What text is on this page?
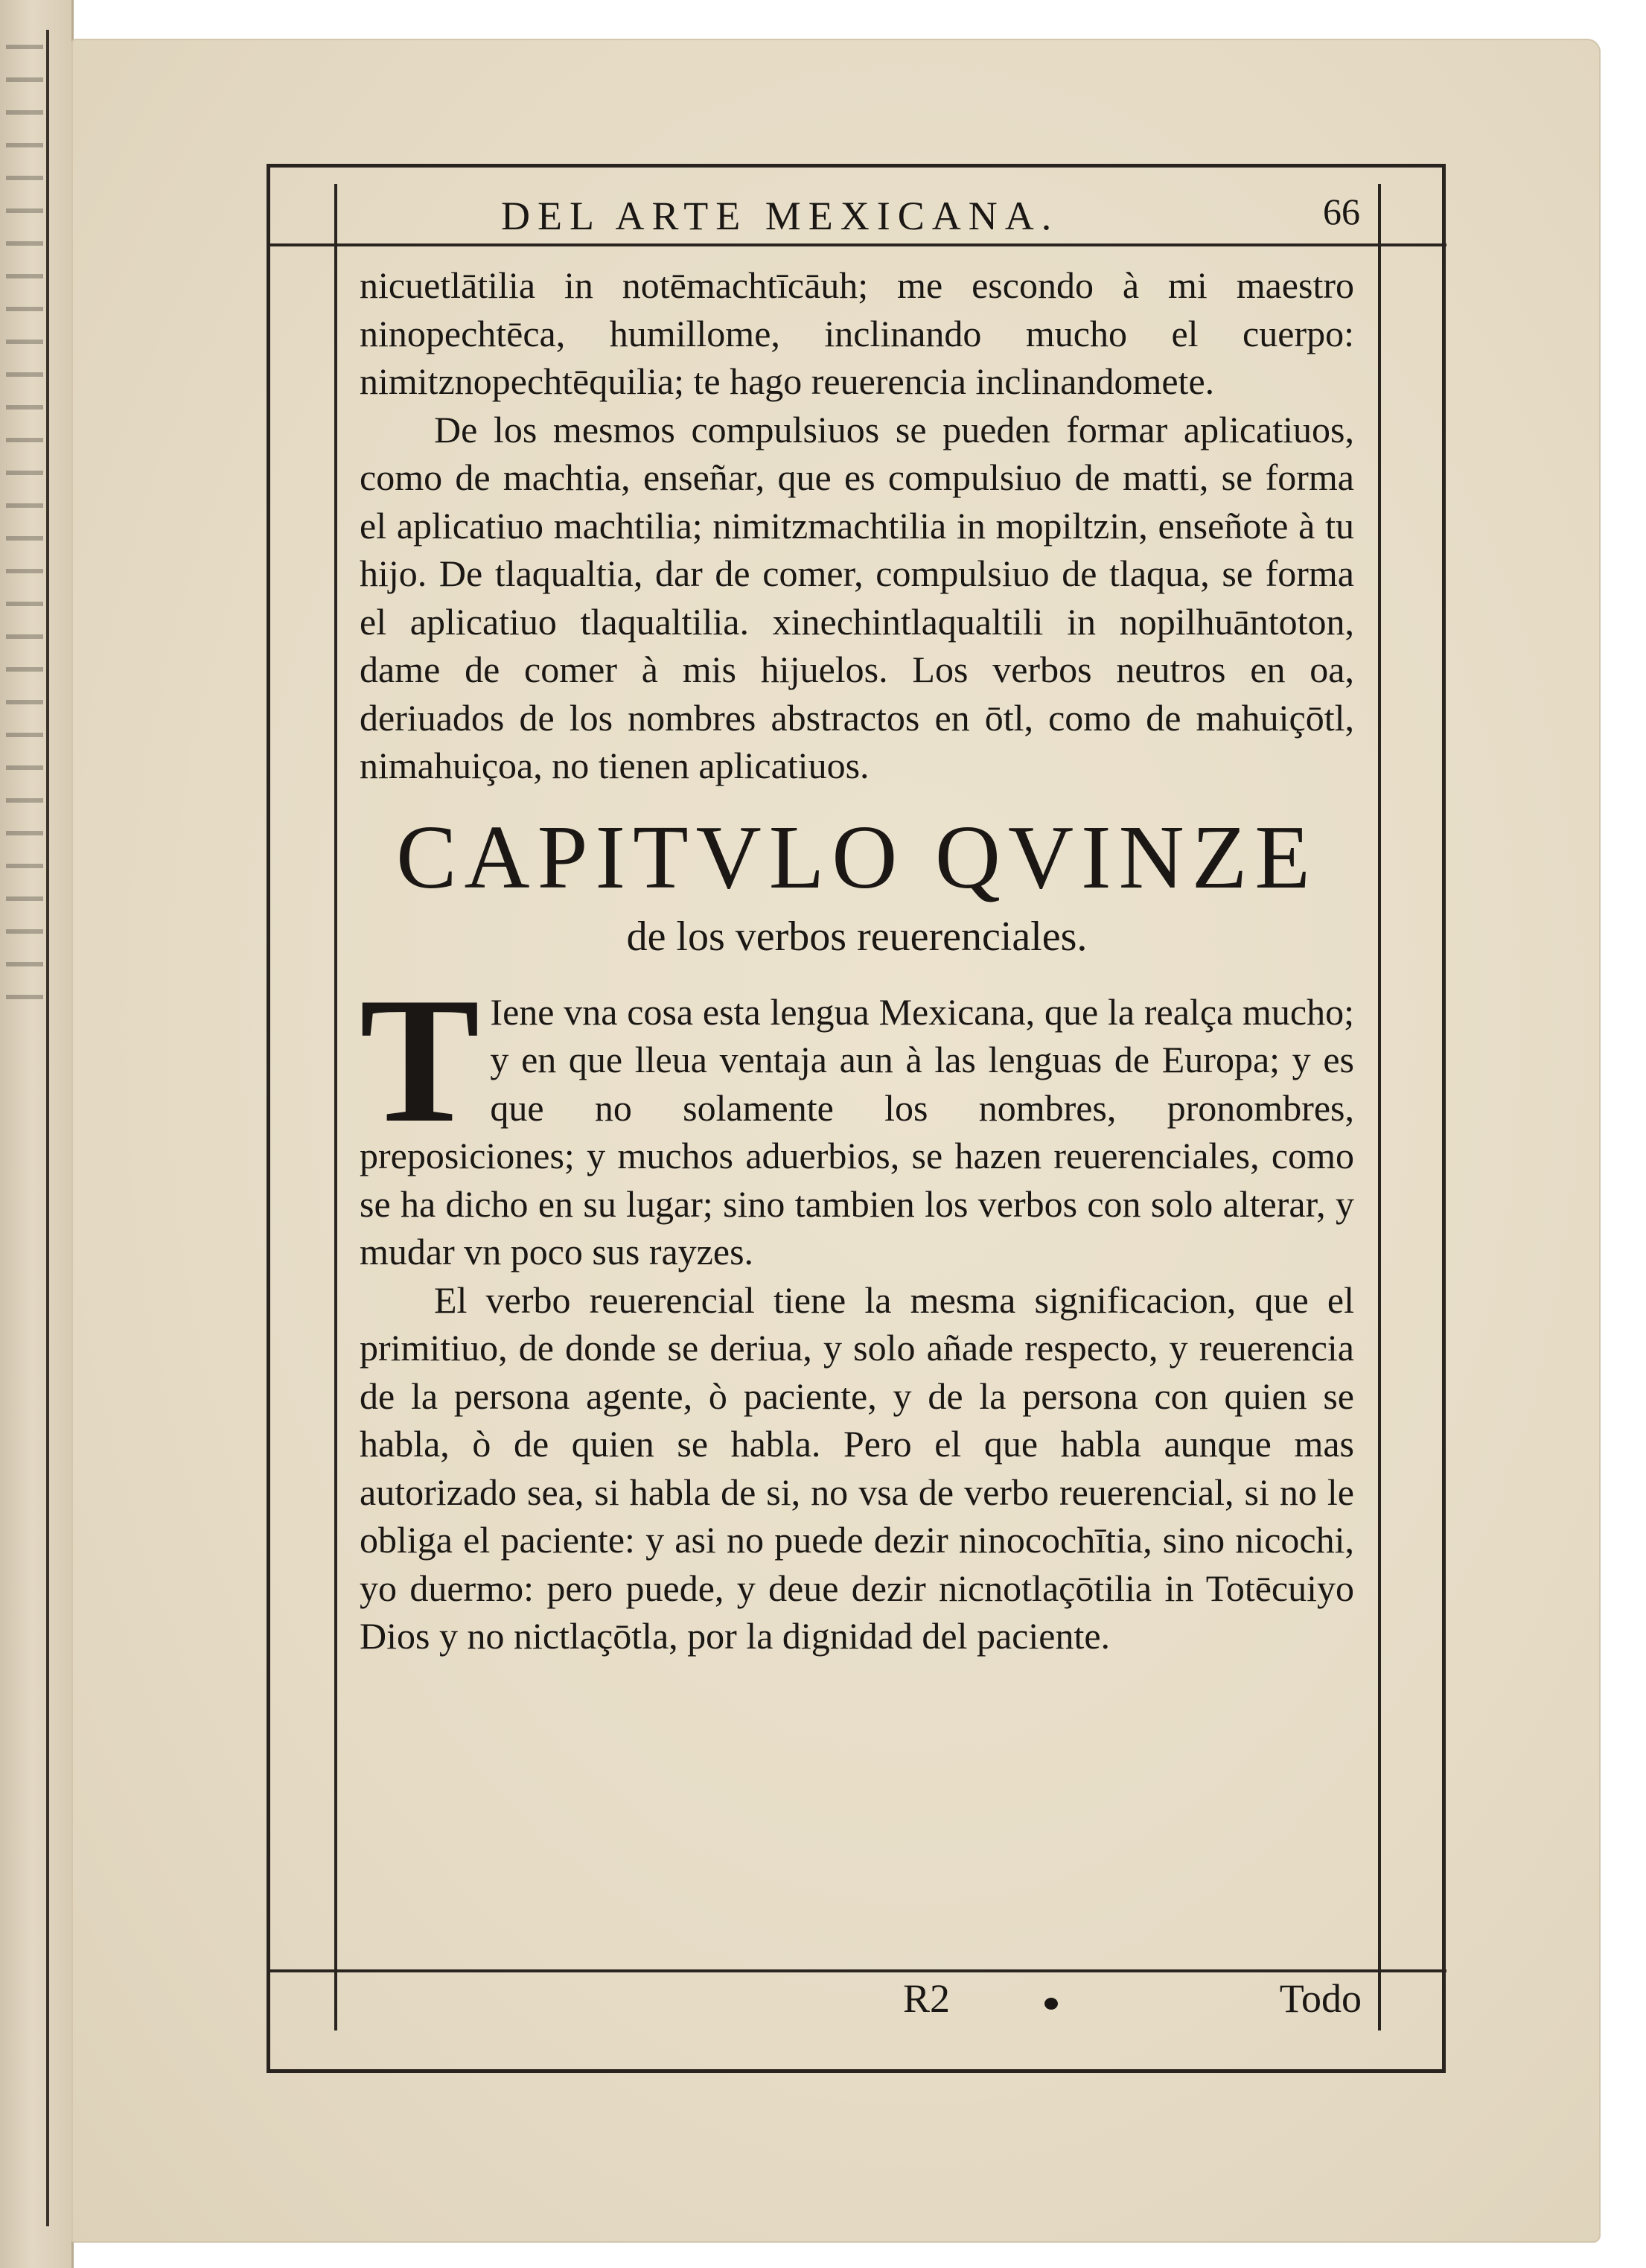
DEL ARTE MEXICANA.	66

nicuetlātilia in notēmachtīcāuh; me escondo à mi maestro ninopechtēca, humillome, inclinando mucho el cuerpo: nimitznopechtēquilia; te hago reuerencia inclinandomete.

De los mesmos compulsiuos se pueden formar aplicatiuos, como de machtia, enseñar, que es compulsiuo de matti, se forma el aplicatiuo machtilia; nimitzmachtilia in mopiltzin, enseñote à tu hijo. De tlaqualtia, dar de comer, compulsiuo de tlaqua, se forma el aplicatiuo tlaqualtilia. xinechintlaqualtili in nopilhuāntoton, dame de comer à mis hijuelos. Los verbos neutros en oa, deriuados de los nombres abstractos en ōtl, como de mahuiçōtl, nimahuiçoa, no tienen aplicatiuos.

CAPITVLO QVINZE
de los verbos reuerenciales.

T Iene vna cosa esta lengua Mexicana, que la realça mucho; y en que lleua ventaja aun à las lenguas de Europa; y es que no solamente los nombres, pronombres, preposiciones; y muchos aduerbios, se hazen reuerenciales, como se ha dicho en su lugar; sino tambien los verbos con solo alterar, y mudar vn poco sus rayzes.

El verbo reuerencial tiene la mesma significacion, que el primitiuo, de donde se deriua, y solo añade respecto, y reuerencia de la persona agente, ò paciente, y de la persona con quien se habla, ò de quien se habla. Pero el que habla aunque mas autorizado sea, si habla de si, no vsa de verbo reuerencial, si no le obliga el paciente: y asi no puede dezir ninocochītia, sino nicochi, yo duermo: pero puede, y deue dezir nicnotlaçōtilia in Totēcuiyo Dios y no nictlaçōtla, por la dignidad del paciente.

R2	Todo
